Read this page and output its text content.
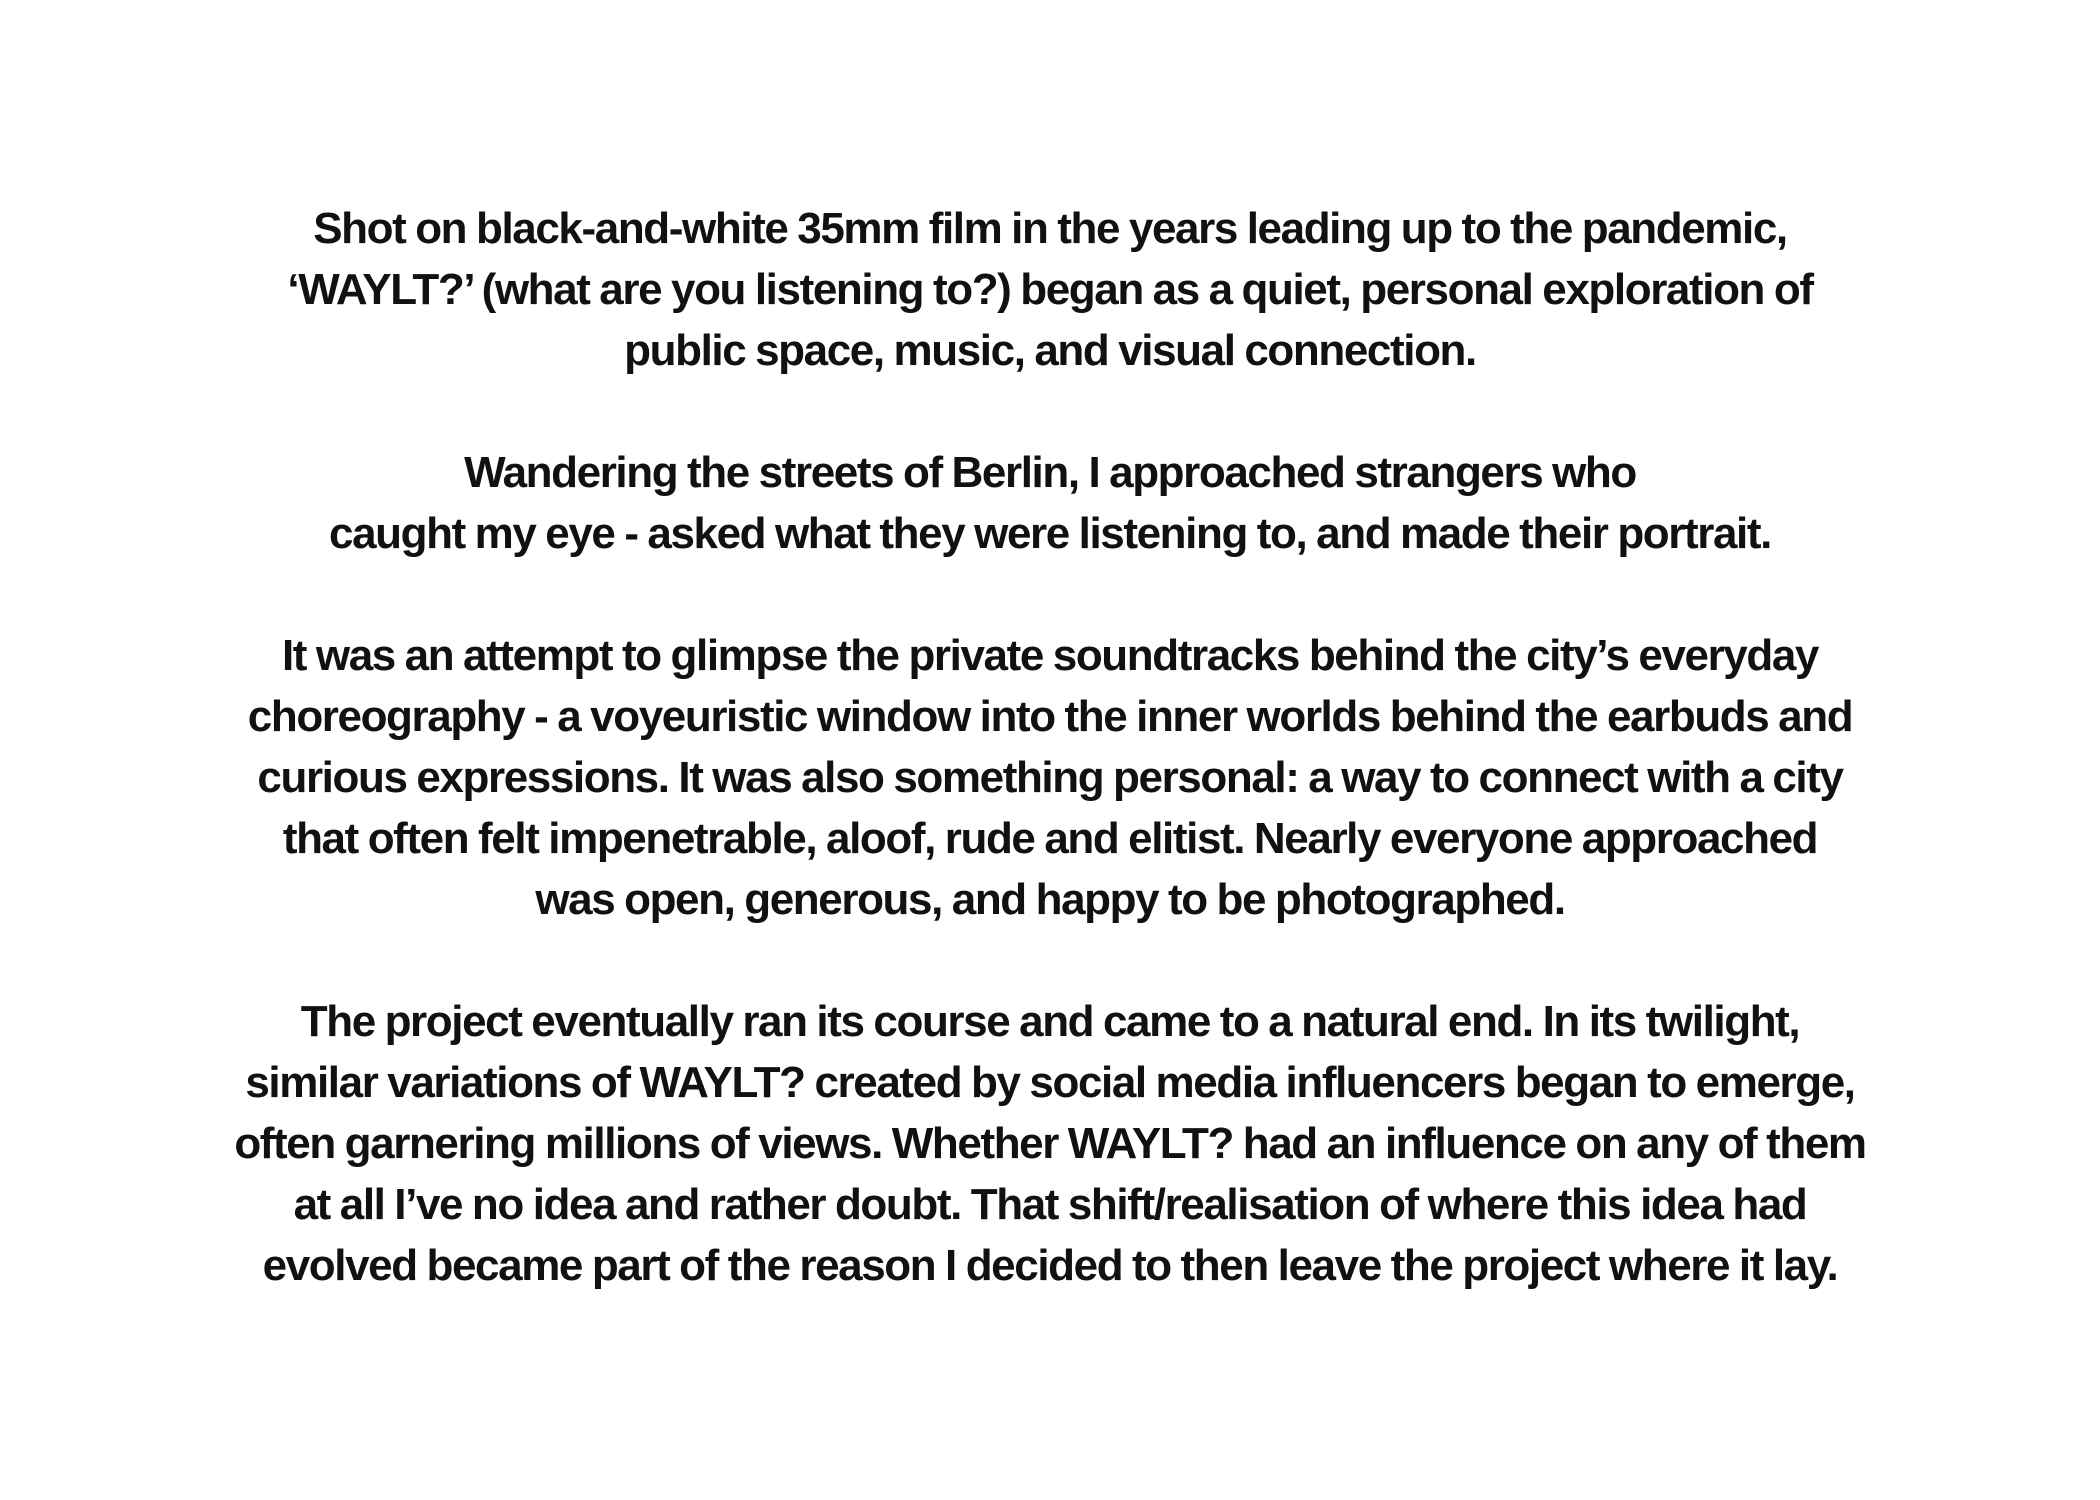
Shot on black-and-white 35mm film in the years leading up to the pandemic,
‘WAYLT?’ (what are you listening to?) began as a quiet, personal exploration of
public space, music, and visual connection.

Wandering the streets of Berlin, I approached strangers who
caught my eye - asked what they were listening to, and made their portrait.

It was an attempt to glimpse the private soundtracks behind the city’s everyday
choreography - a voyeuristic window into the inner worlds behind the earbuds and
curious expressions. It was also something personal: a way to connect with a city
that often felt impenetrable, aloof, rude and elitist. Nearly everyone approached
was open, generous, and happy to be photographed.

The project eventually ran its course and came to a natural end. In its twilight,
similar variations of WAYLT? created by social media influencers began to emerge,
often garnering millions of views. Whether WAYLT? had an influence on any of them
at all I’ve no idea and rather doubt. That shift/realisation of where this idea had
evolved became part of the reason I decided to then leave the project where it lay.
